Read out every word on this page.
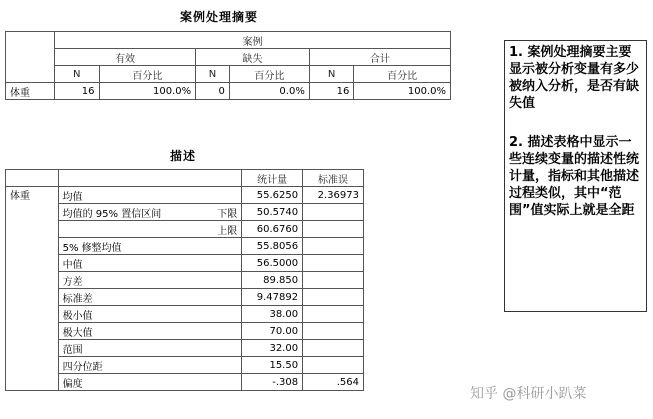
案例处理摘要
	案例					
	有效		缺失		合计	
	N	百分比	N	百分比	N	百分比
体重	16	100.0%	0	0.0%	16	100.0%
描述
			统计量	标准误
体重	均值		55.6250	2.36973
	均值的 95% 置信区间	下限	50.5740	
		上限	60.6760	
	5% 修整均值		55.8056	
	中值		56.5000	
	方差		89.850	
	标准差		9.47892	
	极小值		38.00	
	极大值		70.00	
	范围		32.00	
	四分位距		15.50	
	偏度		-.308	.564

1. 案例处理摘要主要显示被分析变量有多少被纳入分析，是否有缺失值

2. 描述表格中显示一些连续变量的描述性统计量，指标和其他描述过程类似，其中“范围”值实际上就是全距

知乎 @科研小趴菜
